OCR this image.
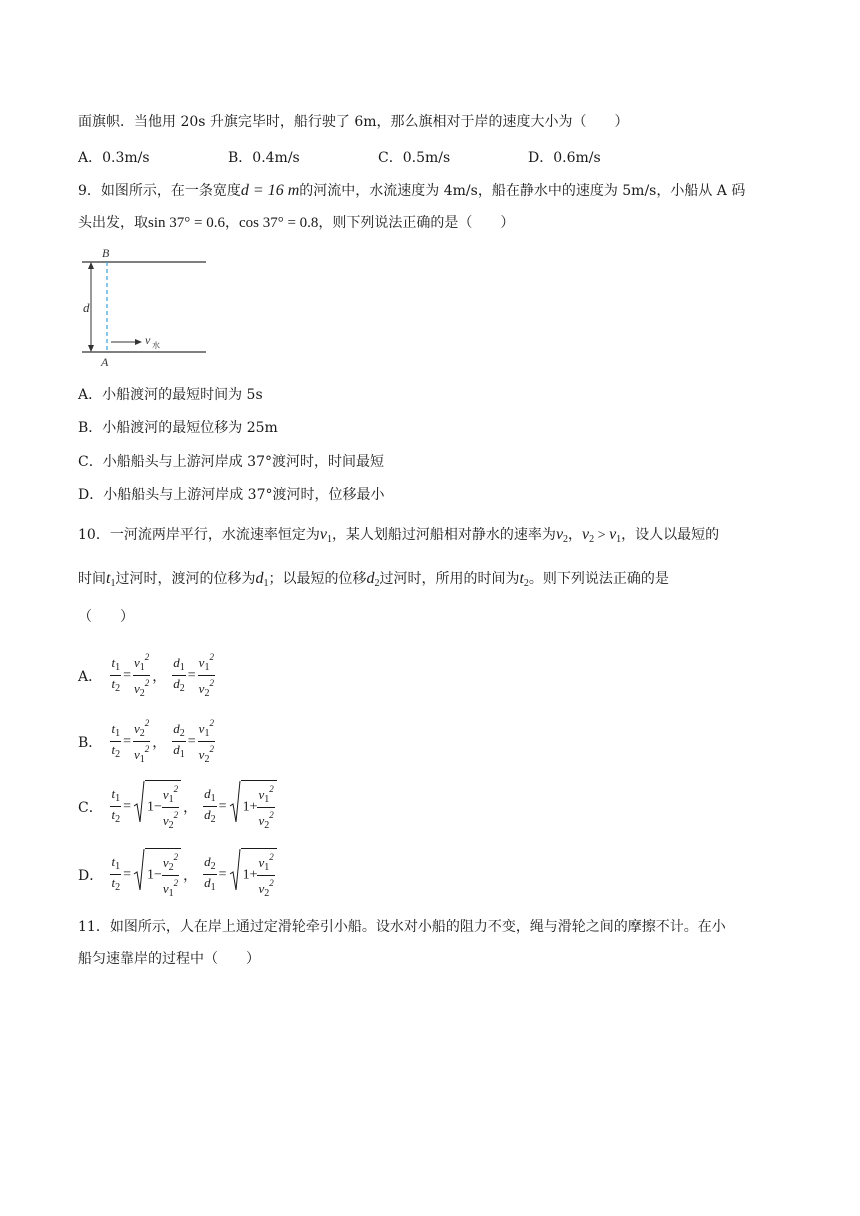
面旗帜．当他用 20s 升旗完毕时，船行驶了 6m，那么旗相对于岸的速度大小为（　　）
A．0.3m/s	B．0.4m/s	C．0.5m/s	D．0.6m/s
9．如图所示，在一条宽度d = 16 m的河流中，水流速度为 4m/s，船在静水中的速度为 5m/s，小船从 A 码
头出发，取sin 37° = 0.6，cos 37° = 0.8，则下列说法正确的是（　　）
B
A
d
v 水
A．小船渡河的最短时间为 5s
B．小船渡河的最短位移为 25m
C．小船船头与上游河岸成 37°渡河时，时间最短
D．小船船头与上游河岸成 37°渡河时，位移最小
10．一河流两岸平行，水流速率恒定为$v_1$，某人划船过河船相对静水的速率为$v_2$，$v_2 > v_1$，设人以最短的
时间$t_1$过河时，渡河的位移为$d_1$；以最短的位移$d_2$过河时，所用的时间为$t_2$。则下列说法正确的是
（　　）
A． $\frac{t_1}{t_2} = \frac{v_1^2}{v_2^2}$ ， $\frac{d_1}{d_2} = \frac{v_1^2}{v_2^2}$
B． $\frac{t_1}{t_2} = \frac{v_2^2}{v_1^2}$ ， $\frac{d_2}{d_1} = \frac{v_1^2}{v_2^2}$
C． $\frac{t_1}{t_2} = 1- \frac{v_1^2}{v_2^2}$ ， $\frac{d_1}{d_2} = 1+ \frac{v_1^2}{v_2^2}$
D． $\frac{t_1}{t_2} = 1- \frac{v_2^2}{v_1^2}$ ， $\frac{d_2}{d_1} = 1+ \frac{v_1^2}{v_2^2}$
11．如图所示，人在岸上通过定滑轮牵引小船。设水对小船的阻力不变，绳与滑轮之间的摩擦不计。在小
船匀速靠岸的过程中（　　）
